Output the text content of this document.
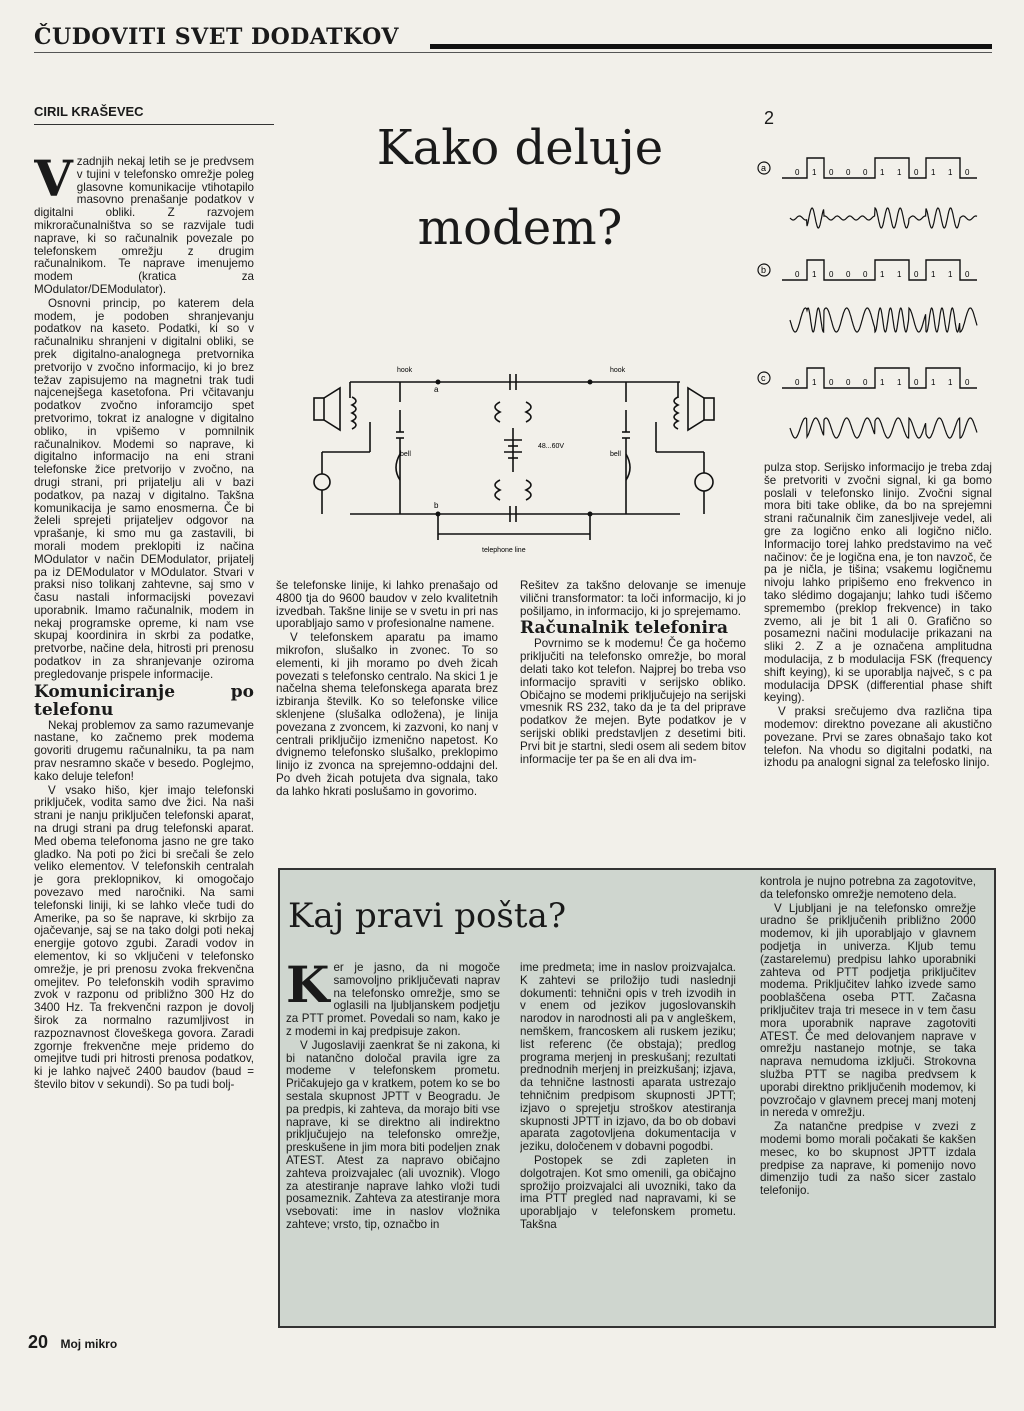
ČUDOVITI SVET DODATKOV
CIRIL KRAŠEVEC
Kako deluje modem?

Vzadnjih nekaj letih se je predvsem v tujini v telefonsko omrežje poleg glasovne komunikacije vtihotapilo masovno prenašanje podatkov v digitalni obliki. Z razvojem mikroračunalništva so se razvijale tudi naprave, ki so računalnik povezale po telefonskem omrežju z drugim računalnikom. Te naprave imenujemo modem (kratica za MOdulator/DEModulator).

Osnovni princip, po katerem dela modem, je podoben shranjevanju podatkov na kaseto. Podatki, ki so v računalniku shranjeni v digitalni obliki, se prek digitalno-analognega pretvornika pretvorijo v zvočno informacijo, ki jo brez težav zapisujemo na magnetni trak tudi najcenejšega kasetofona. Pri včitavanju podatkov zvočno inforamcijo spet pretvorimo, tokrat iz analogne v digitalno obliko, in vpišemo v pomnilnik računalnikov. Modemi so naprave, ki digitalno informacijo na eni strani telefonske žice pretvorijo v zvočno, na drugi strani, pri prijatelju ali v bazi podatkov, pa nazaj v digitalno. Takšna komunikacija je samo enosmerna. Če bi želeli sprejeti prijateljev odgovor na vprašanje, ki smo mu ga zastavili, bi morali modem preklopiti iz načina MOdulator v način DEModulator, prijatelj pa iz DEModulator v MOdulator. Stvari v praksi niso tolikanj zahtevne, saj smo v času nastali informacijski povezavi uporabnik. Imamo računalnik, modem in nekaj programske opreme, ki nam vse skupaj koordinira in skrbi za podatke, pretvorbe, načine dela, hitrosti pri prenosu podatkov in za shranjevanje oziroma pregledovanje prispele informacije.

Komuniciranje po telefonu

Nekaj problemov za samo razumevanje nastane, ko začnemo prek modema govoriti drugemu računalniku, ta pa nam prav nesramno skače v besedo. Poglejmo, kako deluje telefon!

V vsako hišo, kjer imajo telefonski priključek, vodita samo dve žici. Na naši strani je nanju priključen telefonski aparat, na drugi strani pa drug telefonski aparat. Med obema telefonoma jasno ne gre tako gladko. Na poti po žici bi srečali še zelo veliko elementov. V telefonskih centralah je gora preklopnikov, ki omogočajo povezavo med naročniki. Na sami telefonski liniji, ki se lahko vleče tudi do Amerike, pa so še naprave, ki skrbijo za ojačevanje, saj se na tako dolgi poti nekaj energije gotovo zgubi. Zaradi vodov in elementov, ki so vključeni v telefonsko omrežje, je pri prenosu zvoka frekvenčna omejitev. Po telefonskih vodih spravimo zvok v razponu od približno 300 Hz do 3400 Hz. Ta frekvenčni razpon je dovolj širok za normalno razumljivost in razpoznavnost človeškega govora. Zaradi zgornje frekvenčne meje pridemo do omejitve tudi pri hitrosti prenosa podatkov, ki je lahko največ 2400 baudov (baud = število bitov v sekundi). So pa tudi bolj-

hook	hook
bell	bell
48...60V
telephone line
a
b

še telefonske linije, ki lahko prenašajo od 4800 tja do 9600 baudov v zelo kvalitetnih izvedbah. Takšne linije se v svetu in pri nas uporabljajo samo v profesionalne namene.

V telefonskem aparatu pa imamo mikrofon, slušalko in zvonec. To so elementi, ki jih moramo po dveh žicah povezati s telefonsko centralo. Na skici 1 je načelna shema telefonskega aparata brez izbiranja številk. Ko so telefonske vilice sklenjene (slušalka odložena), je linija povezana z zvoncem, ki zazvoni, ko nanj v centrali priključijo izmenično napetost. Ko dvignemo telefonsko slušalko, preklopimo linijo iz zvonca na sprejemno-oddajni del. Po dveh žicah potujeta dva signala, tako da lahko hkrati poslušamo in govorimo.

Rešitev za takšno delovanje se imenuje vilični transformator: ta loči informacijo, ki jo pošiljamo, in informacijo, ki jo sprejemamo.

Računalnik telefonira

Povrnimo se k modemu! Če ga hočemo priključiti na telefonsko omrežje, bo moral delati tako kot telefon. Najprej bo treba vso informacijo spraviti v serijsko obliko. Običajno se modemi priključujejo na serijski vmesnik RS 232, tako da je ta del priprave podatkov že mejen. Byte podatkov je v serijski obliki predstavljen z desetimi biti. Prvi bit je startni, sledi osem ali sedem bitov informacije ter pa še en ali dva im-

2
a	0 1 0 0 0 1 1 0 1 1 0
b	0 1 0 0 0 1 1 0 1 1 0
c	0 1 0 0 0 1 1 0 1 1 0

pulza stop. Serijsko informacijo je treba zdaj še pretvoriti v zvočni signal, ki ga bomo poslali v telefonsko linijo. Zvočni signal mora biti take oblike, da bo na sprejemni strani računalnik čim zanesljiveje vedel, ali gre za logično enko ali logično ničlo. Informacijo torej lahko predstavimo na več načinov: če je logična ena, je ton navzoč, če pa je ničla, je tišina; vsakemu logičnemu nivoju lahko pripišemo eno frekvenco in tako slédimo dogajanju; lahko tudi iščemo spremembo (preklop frekvence) in tako zvemo, ali je bit 1 ali 0. Grafično so posamezni načini modulacije prikazani na sliki 2. Z a je označena amplitudna modulacija, z b modulacija FSK (frequency shift keying), ki se uporablja največ, s c pa modulacija DPSK (differential phase shift keying).

V praksi srečujemo dva različna tipa modemov: direktno povezane ali akustično povezane. Prvi se zares obnašajo tako kot telefon. Na vhodu so digitalni podatki, na izhodu pa analogni signal za telefosko linijo.

Kaj pravi pošta?

Ker je jasno, da ni mogoče samovoljno priključevati naprav na telefonsko omrežje, smo se oglasili na ljubljanskem podjetju za PTT promet. Povedali so nam, kako je z modemi in kaj predpisuje zakon.

V Jugoslaviji zaenkrat še ni zakona, ki bi natančno določal pravila igre za modeme v telefonskem prometu. Pričakujejo ga v kratkem, potem ko se bo sestala skupnost JPTT v Beogradu. Je pa predpis, ki zahteva, da morajo biti vse naprave, ki se direktno ali indirektno priključujejo na telefonsko omrežje, preskušene in jim mora biti podeljen znak ATEST. Atest za napravo običajno zahteva proizvajalec (ali uvoznik). Vlogo za atestiranje naprave lahko vloži tudi posameznik. Zahteva za atestiranje mora vsebovati: ime in naslov vložnika zahteve; vrsto, tip, označbo in

ime predmeta; ime in naslov proizvajalca. K zahtevi se priložijo tudi naslednji dokumenti: tehnični opis v treh izvodih in v enem od jezikov jugoslovanskih narodov in narodnosti ali pa v angleškem, nemškem, francoskem ali ruskem jeziku; list referenc (če obstaja); predlog programa merjenj in preskušanj; rezultati prednodnih merjenj in preizkušanj; izjava, da tehnične lastnosti aparata ustrezajo tehničnim predpisom skupnosti JPTT; izjavo o sprejetju stroškov atestiranja skupnosti JPTT in izjavo, da bo ob dobavi aparata zagotovljena dokumentacija v jeziku, določenem v dobavni pogodbi.

Postopek se zdi zapleten in dolgotrajen. Kot smo omenili, ga običajno sprožijo proizvajalci ali uvozniki, tako da ima PTT pregled nad napravami, ki se uporabljajo v telefonskem prometu. Takšna

kontrola je nujno potrebna za zagotovitve, da telefonsko omrežje nemoteno dela.

V Ljubljani je na telefonsko omrežje uradno še priključenih približno 2000 modemov, ki jih uporabljajo v glavnem podjetja in univerza. Kljub temu (zastarelemu) predpisu lahko uporabniki zahteva od PTT podjetja priključitev modema. Priključitev lahko izvede samo pooblaščena oseba PTT. Začasna priključitev traja tri mesece in v tem času mora uporabnik naprave zagotoviti ATEST. Če med delovanjem naprave v omrežju nastanejo motnje, se taka naprava nemudoma izključi. Strokovna služba PTT se nagiba predvsem k uporabi direktno priključenih modemov, ki povzročajo v glavnem precej manj motenj in nereda v omrežju.

Za natančne predpise v zvezi z modemi bomo morali počakati še kakšen mesec, ko bo skupnost JPTT izdala predpise za naprave, ki pomenijo novo dimenzijo tudi za našo sicer zastalo telefonijo.

20 Moj mikro
